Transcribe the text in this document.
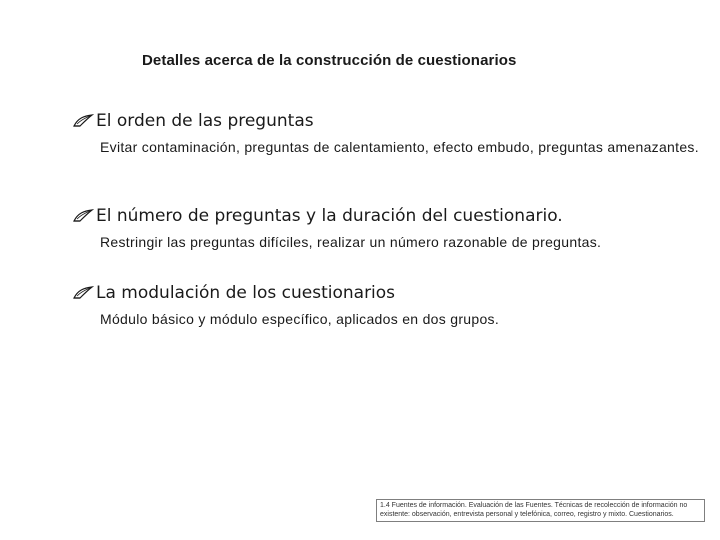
Detalles acerca de la construcción de cuestionarios
El orden de las preguntas
Evitar contaminación, preguntas de calentamiento, efecto embudo, preguntas amenazantes.
El número de preguntas y la duración del cuestionario.
Restringir las preguntas difíciles, realizar un número razonable de preguntas.
La modulación de los cuestionarios
Módulo básico y módulo específico, aplicados en dos grupos.
1.4 Fuentes de información. Evaluación de las Fuentes. Técnicas de recolección de información no
existente: observación, entrevista personal y telefónica, correo, registro y mixto. Cuestionarios.
